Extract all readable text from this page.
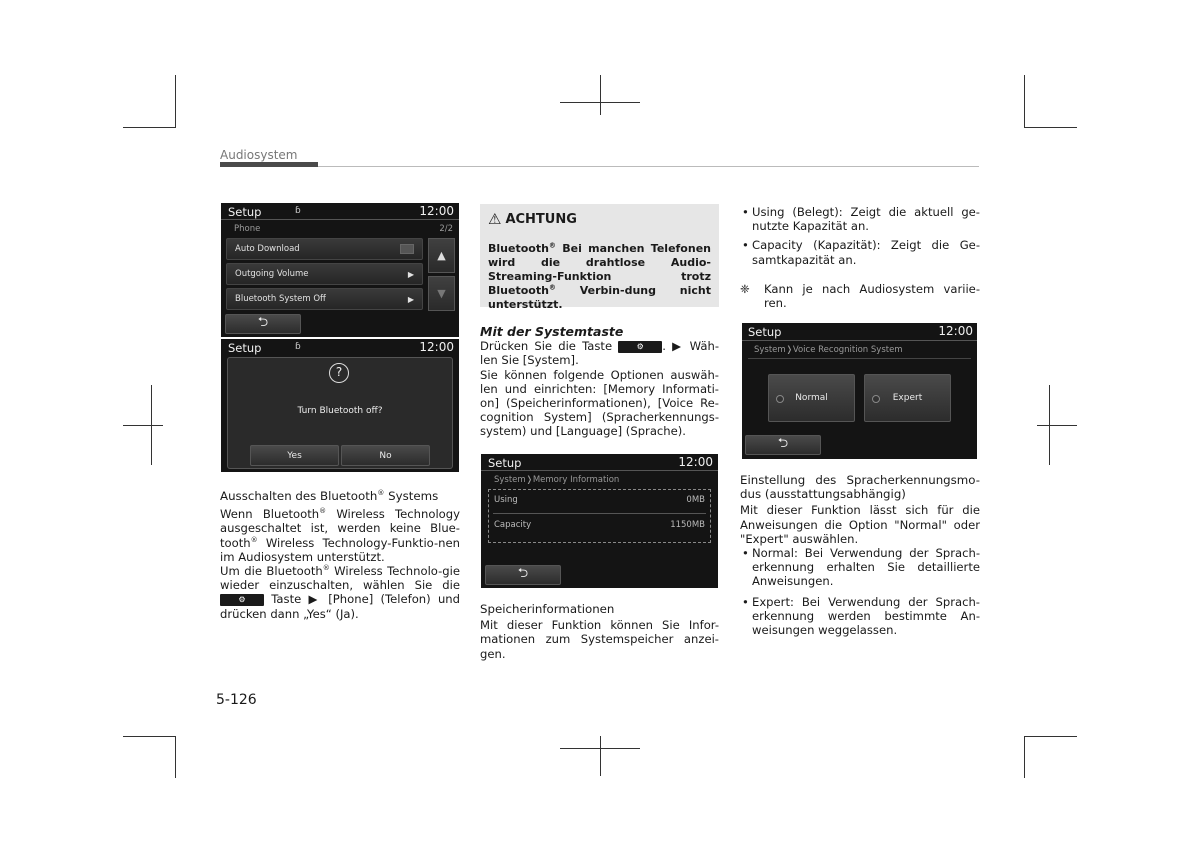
Audiosystem
Setup	ɓ	12:00
Phone	2/2
Auto Download
Outgoing Volume	▶
Bluetooth System Off	▶
▲
▼
⮌
Setup	ɓ	12:00
?
Turn Bluetooth off?
Yes	No
Ausschalten des Bluetooth® Systems
Wenn Bluetooth® Wireless Technology ausgeschaltet ist, werden keine Blue-tooth® Wireless Technology-Funktio-nen im Audiosystem unterstützt.
Um die Bluetooth® Wireless Technolo-gie wieder einzuschalten, wählen Sie die ⚙ Taste ▶ [Phone] (Telefon) und drücken dann „Yes“ (Ja).
⚠ ACHTUNG
Bluetooth® Bei manchen Telefonen wird die drahtlose Audio-Streaming-Funktion trotz Bluetooth® Verbin-dung nicht unterstützt.
Mit der Systemtaste
Drücken Sie die Taste	⚙ . ▶ Wäh-len Sie [System].
Sie können folgende Optionen auswäh-len und einrichten: [Memory Informati-on] (Speicherinformationen), [Voice Re-cognition System] (Spracherkennungs-system) und [Language] (Sprache).
Setup	12:00
System❭Memory Information
Using	0MB
Capacity	1150MB
⮌
Speicherinformationen
Mit dieser Funktion können Sie Infor-mationen zum Systemspeicher anzei-gen.
• Using (Belegt): Zeigt die aktuell ge-nutzte Kapazität an.
• Capacity (Kapazität): Zeigt die Ge-samtkapazität an.
❈ Kann je nach Audiosystem variie-ren.
Setup	12:00
System❭Voice Recognition System
Normal	Expert
⮌
Einstellung des Spracherkennungsmo-dus (ausstattungsabhängig)
Mit dieser Funktion lässt sich für die Anweisungen die Option "Normal" oder "Expert" auswählen.
• Normal: Bei Verwendung der Sprach-erkennung erhalten Sie detaillierte Anweisungen.
• Expert: Bei Verwendung der Sprach-erkennung werden bestimmte An-weisungen weggelassen.
5-126
